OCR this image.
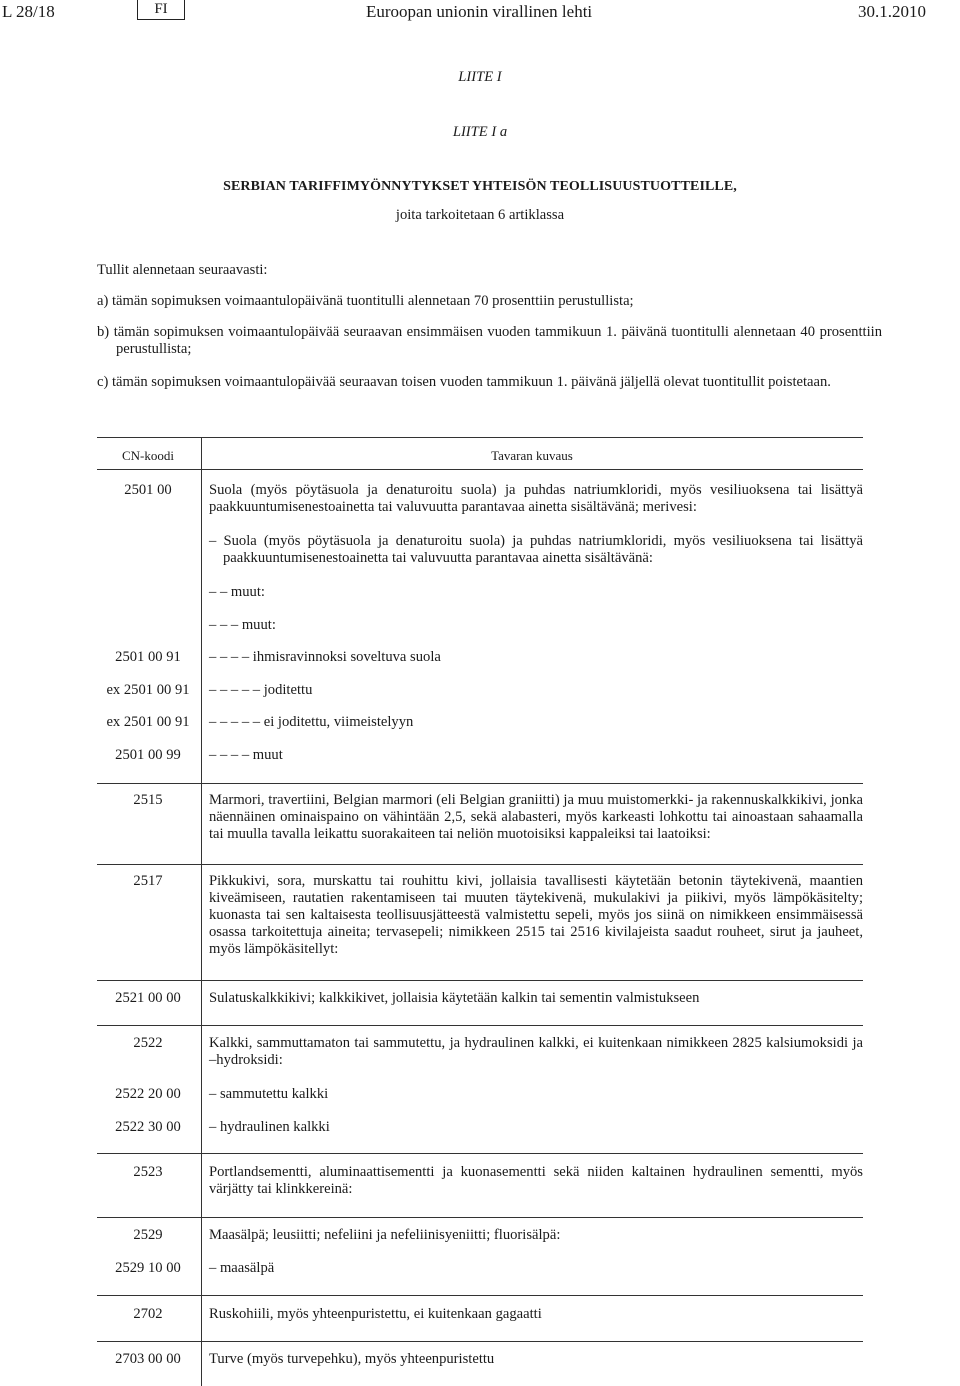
L 28/18	FI	Euroopan unionin virallinen lehti	30.1.2010
LIITE I
LIITE I a
SERBIAN TARIFFIMYÖNNYTYKSET YHTEISÖN TEOLLISUUSTUOTTEILLE,
joita tarkoitetaan 6 artiklassa
Tullit alennetaan seuraavasti:
a) tämän sopimuksen voimaantulopäivänä tuontitulli alennetaan 70 prosenttiin perustullista;
b) tämän sopimuksen voimaantulopäivää seuraavan ensimmäisen vuoden tammikuun 1. päivänä tuontitulli alennetaan 40 prosenttiin perustullista;
c) tämän sopimuksen voimaantulopäivää seuraavan toisen vuoden tammikuun 1. päivänä jäljellä olevat tuontitullit poistetaan.
CN-koodi	Tavaran kuvaus
2501 00	Suola (myös pöytäsuola ja denaturoitu suola) ja puhdas natriumkloridi, myös vesiliuoksena tai lisättyä paakkuuntumisenestoainetta tai valuvuutta parantavaa ainetta sisältävänä; merivesi:
– Suola (myös pöytäsuola ja denaturoitu suola) ja puhdas natriumkloridi, myös vesiliuoksena tai lisättyä paakkuuntumisenestoainetta tai valuvuutta parantavaa ainetta sisältävänä:
– – muut:
– – – muut:
2501 00 91	– – – – ihmisravinnoksi soveltuva suola
ex 2501 00 91	– – – – – joditettu
ex 2501 00 91	– – – – – ei joditettu, viimeistelyyn
2501 00 99	– – – – muut
2515	Marmori, travertiini, Belgian marmori (eli Belgian graniitti) ja muu muistomerkki- ja rakennuskalkkikivi, jonka näennäinen ominaispaino on vähintään 2,5, sekä alabasteri, myös karkeasti lohkottu tai ainoastaan sahaamalla tai muulla tavalla leikattu suorakaiteen tai neliön muotoisiksi kappaleiksi tai laatoiksi:
2517	Pikkukivi, sora, murskattu tai rouhittu kivi, jollaisia tavallisesti käytetään betonin täytekivenä, maantien kiveämiseen, rautatien rakentamiseen tai muuten täytekivenä, mukulakivi ja piikivi, myös lämpökäsitelty; kuonasta tai sen kaltaisesta teollisuusjätteestä valmistettu sepeli, myös jos siinä on nimikkeen ensimmäisessä osassa tarkoitettuja aineita; tervasepeli; nimikkeen 2515 tai 2516 kivilajeista saadut rouheet, sirut ja jauheet, myös lämpökäsitellyt:
2521 00 00	Sulatuskalkkikivi; kalkkikivet, jollaisia käytetään kalkin tai sementin valmistukseen
2522	Kalkki, sammuttamaton tai sammutettu, ja hydraulinen kalkki, ei kuitenkaan nimikkeen 2825 kalsiumoksidi ja –hydroksidi:
2522 20 00	– sammutettu kalkki
2522 30 00	– hydraulinen kalkki
2523	Portlandsementti, aluminaattisementti ja kuonasementti sekä niiden kaltainen hydraulinen sementti, myös värjätty tai klinkkereinä:
2529	Maasälpä; leusiitti; nefeliini ja nefeliinisyeniitti; fluorisälpä:
2529 10 00	– maasälpä
2702	Ruskohiili, myös yhteenpuristettu, ei kuitenkaan gagaatti
2703 00 00	Turve (myös turvepehku), myös yhteenpuristettu
